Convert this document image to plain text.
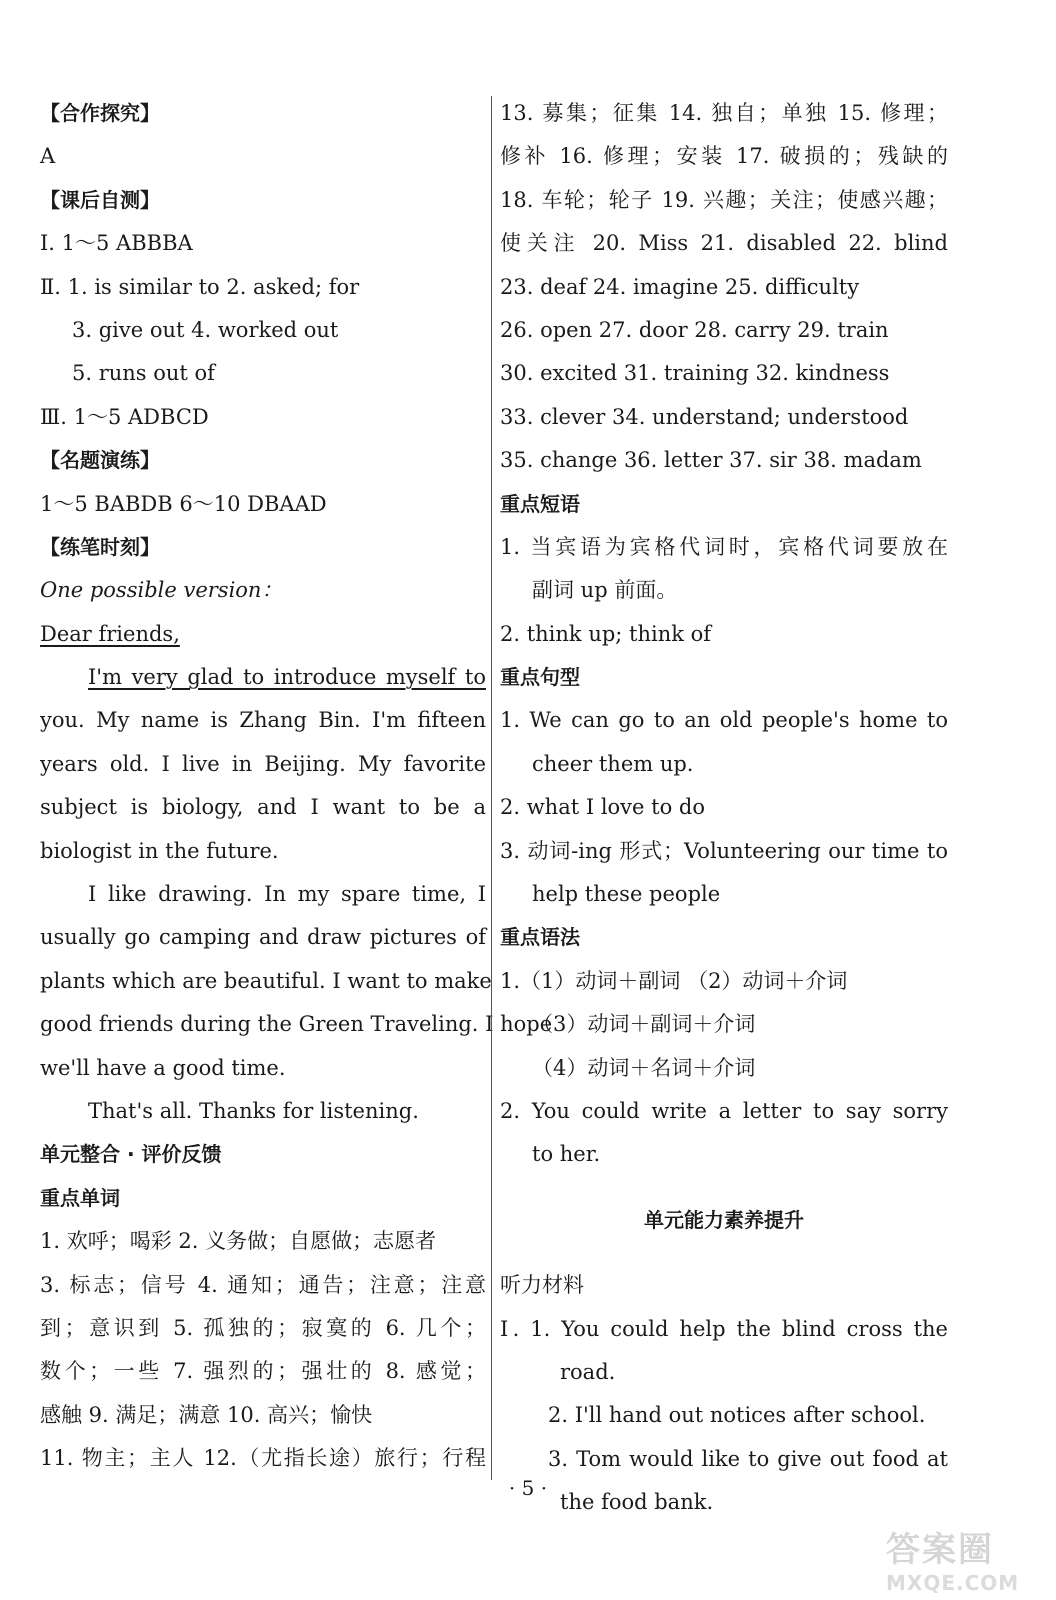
【合作探究】
A
【课后自测】
Ⅰ. 1～5 ABBBA
Ⅱ. 1. is similar to 2. asked; for
3. give out 4. worked out
5. runs out of
Ⅲ. 1～5 ADBCD
【名题演练】
1～5 BABDB 6～10 DBAAD
【练笔时刻】
One possible version：
Dear friends,
I'm very glad to introduce myself to
you. My name is Zhang Bin. I'm fifteen
years old. I live in Beijing. My favorite
subject is biology, and I want to be a
biologist in the future.
I like drawing. In my spare time, I
usually go camping and draw pictures of
plants which are beautiful. I want to make
good friends during the Green Traveling. I hope
we'll have a good time.
That's all. Thanks for listening.
单元整合 · 评价反馈
重点单词
1. 欢呼；喝彩 2. 义务做；自愿做；志愿者
3. 标志；信号 4. 通知；通告；注意；注意
到；意识到 5. 孤独的；寂寞的 6. 几个；
数个；一些 7. 强烈的；强壮的 8. 感觉；
感触 9. 满足；满意 10. 高兴；愉快
11. 物主；主人 12.（尤指长途）旅行；行程
13. 募集；征集 14. 独自；单独 15. 修理；
修补 16. 修理；安装 17. 破损的；残缺的
18. 车轮；轮子 19. 兴趣；关注；使感兴趣；
使关注 20. Miss 21. disabled 22. blind
23. deaf 24. imagine 25. difficulty
26. open 27. door 28. carry 29. train
30. excited 31. training 32. kindness
33. clever 34. understand; understood
35. change 36. letter 37. sir 38. madam
重点短语
1. 当宾语为宾格代词时，宾格代词要放在
副词 up 前面。
2. think up; think of
重点句型
1. We can go to an old people's home to
cheer them up.
2. what I love to do
3. 动词-ing 形式；Volunteering our time to
help these people
重点语法
1.（1）动词＋副词 （2）动词＋介词
（3）动词＋副词＋介词
（4）动词＋名词＋介词
2. You could write a letter to say sorry
to her.
单元能力素养提升
听力材料
Ⅰ. 1. You could help the blind cross the
road.
2. I'll hand out notices after school.
3. Tom would like to give out food at
the food bank.
· 5 ·
答案圈
MXQE.COM
